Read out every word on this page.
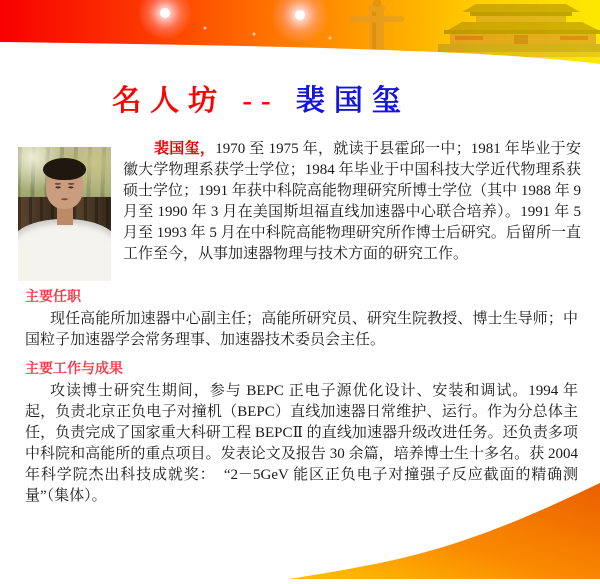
名人坊 -- 裴国玺
裴国玺，1970 至 1975 年，就读于县霍邱一中；1981 年毕业于安徽大学物理系获学士学位；1984 年毕业于中国科技大学近代物理系获硕士学位；1991 年获中科院高能物理研究所博士学位（其中 1988 年 9 月至 1990 年 3 月在美国斯坦福直线加速器中心联合培养）。1991 年 5 月至 1993 年 5 月在中科院高能物理研究所作博士后研究。后留所一直工作至今，从事加速器物理与技术方面的研究工作。
主要任职

现任高能所加速器中心副主任；高能所研究员、研究生院教授、博士生导师；中国粒子加速器学会常务理事、加速器技术委员会主任。

主要工作与成果

攻读博士研究生期间，参与 BEPC 正电子源优化设计、安装和调试。1994 年起，负责北京正负电子对撞机（BEPC）直线加速器日常维护、运行。作为分总体主任，负责完成了国家重大科研工程 BEPCⅡ 的直线加速器升级改进任务。还负责多项中科院和高能所的重点项目。发表论文及报告 30 余篇，培养博士生十多名。获 2004 年科学院杰出科技成就奖：　“2－5GeV 能区正负电子对撞强子反应截面的精确测量”（集体）。
